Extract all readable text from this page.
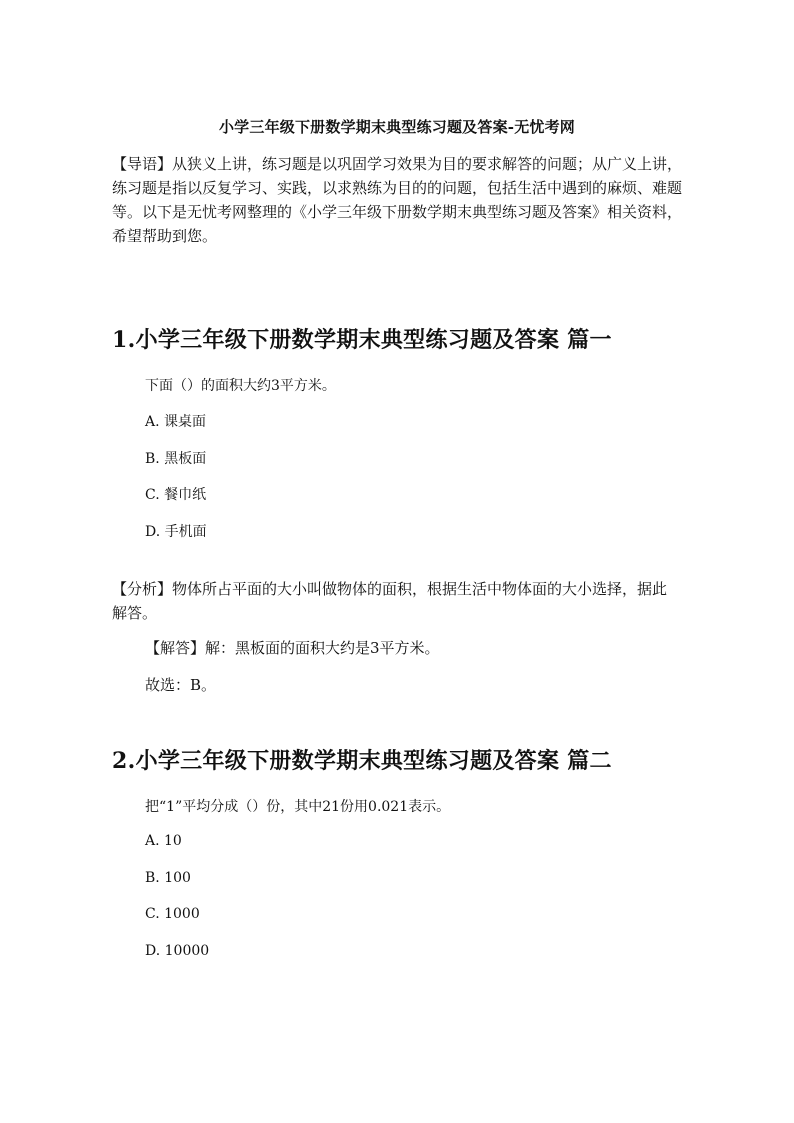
小学三年级下册数学期末典型练习题及答案-无忧考网
【导语】从狭义上讲，练习题是以巩固学习效果为目的要求解答的问题；从广义上讲，练习题是指以反复学习、实践，以求熟练为目的的问题，包括生活中遇到的麻烦、难题等。以下是无忧考网整理的《小学三年级下册数学期末典型练习题及答案》相关资料，希望帮助到您。
1.小学三年级下册数学期末典型练习题及答案 篇一
下面（）的面积大约3平方米。
A. 课桌面
B. 黑板面
C. 餐巾纸
D. 手机面
【分析】物体所占平面的大小叫做物体的面积，根据生活中物体面的大小选择，据此解答。
【解答】解：黑板面的面积大约是3平方米。
故选：B。
2.小学三年级下册数学期末典型练习题及答案 篇二
把“1”平均分成（）份，其中21份用0.021表示。
A. 10
B. 100
C. 1000
D. 10000
